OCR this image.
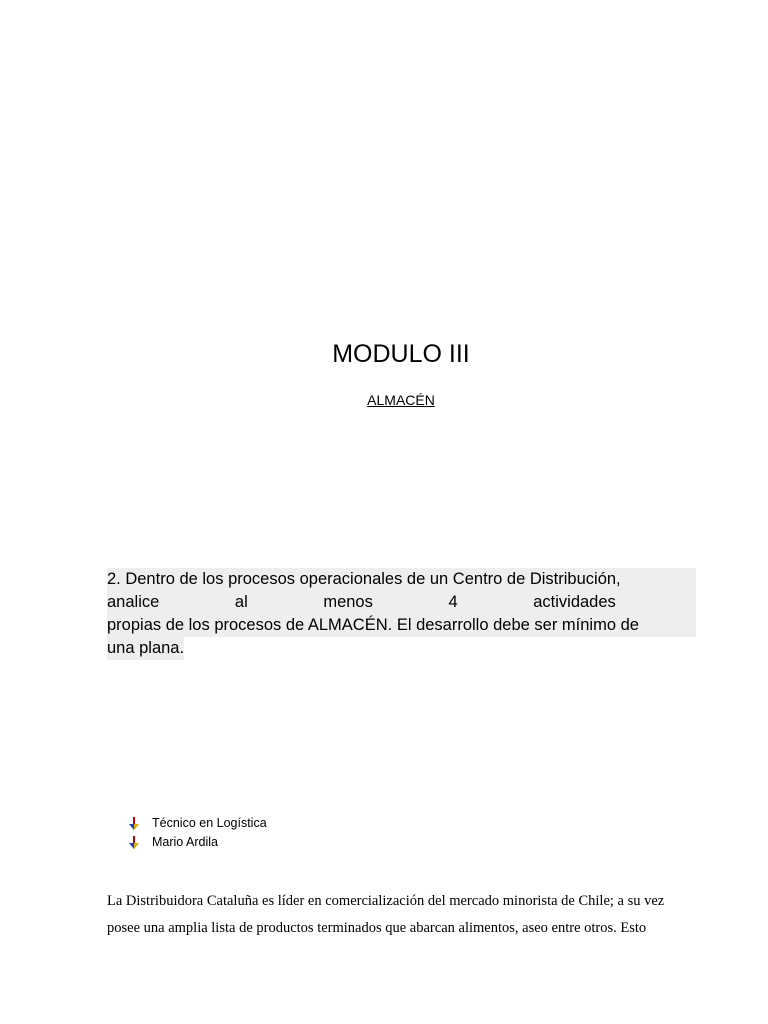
MODULO III
ALMACÉN
2. Dentro de los procesos operacionales de un Centro de Distribución,
analice	al	menos	4	actividades

propias de los procesos de ALMACÉN. El desarrollo debe ser mínimo de
una plana.
Técnico en Logística
Mario Ardila

La Distribuidora Cataluña es líder en comercialización del mercado minorista de Chile; a su vez
posee una amplia lista de productos terminados que abarcan alimentos, aseo entre otros. Esto
